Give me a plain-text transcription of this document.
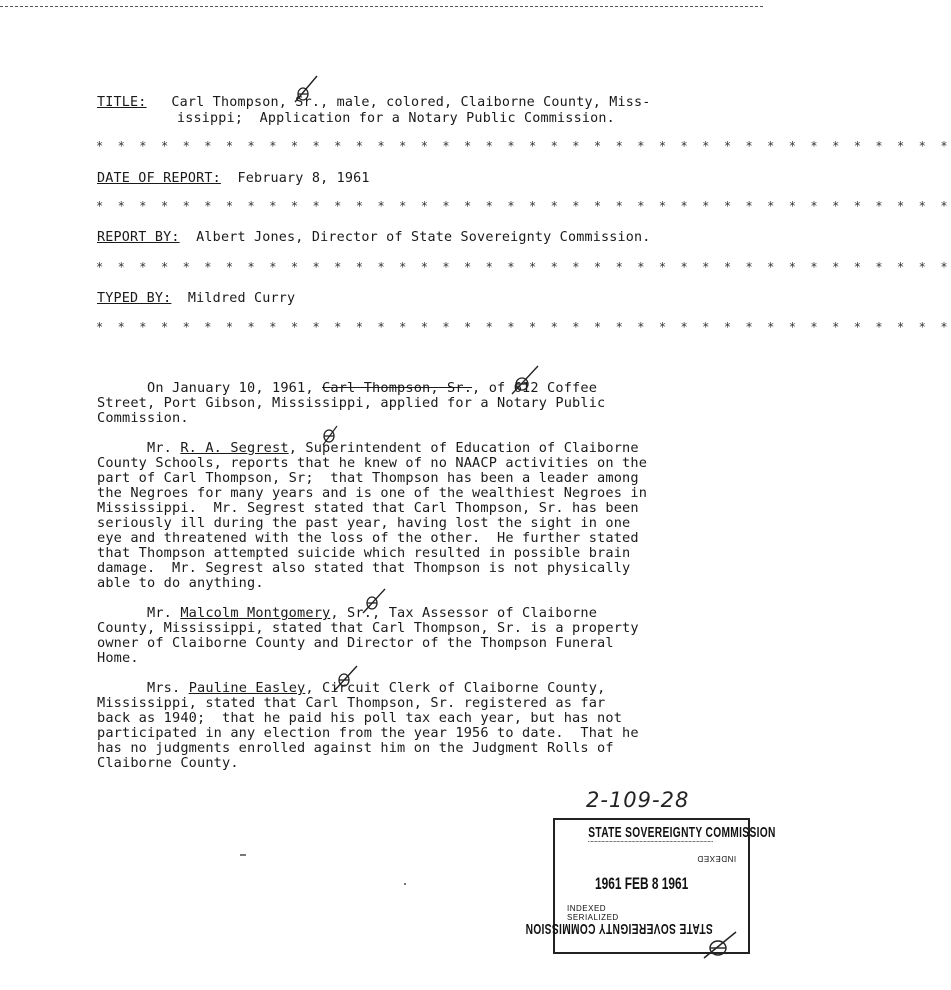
TITLE: Carl Thompson, Sr., male, colored, Claiborne County, Miss-
issippi;  Application for a Notary Public Commission.
* * * * * * * * * * * * * * * * * * * * * * * * * * * * * * * * * * * * * * * *
DATE OF REPORT: February 8, 1961
* * * * * * * * * * * * * * * * * * * * * * * * * * * * * * * * * * * * * * * *
REPORT BY: Albert Jones, Director of State Sovereignty Commission.
* * * * * * * * * * * * * * * * * * * * * * * * * * * * * * * * * * * * * * * *
TYPED BY: Mildred Curry
* * * * * * * * * * * * * * * * * * * * * * * * * * * * * * * * * * * * * * * *
On January 10, 1961, Carl Thompson, Sr., of 612 Coffee
Street, Port Gibson, Mississippi, applied for a Notary Public
Commission.
Mr. R. A. Segrest, Superintendent of Education of Claiborne
County Schools, reports that he knew of no NAACP activities on the
part of Carl Thompson, Sr;  that Thompson has been a leader among
the Negroes for many years and is one of the wealthiest Negroes in
Mississippi.  Mr. Segrest stated that Carl Thompson, Sr. has been
seriously ill during the past year, having lost the sight in one
eye and threatened with the loss of the other.  He further stated
that Thompson attempted suicide which resulted in possible brain
damage.  Mr. Segrest also stated that Thompson is not physically
able to do anything.
Mr. Malcolm Montgomery, Sr., Tax Assessor of Claiborne
County, Mississippi, stated that Carl Thompson, Sr. is a property
owner of Claiborne County and Director of the Thompson Funeral
Home.
Mrs. Pauline Easley, Circuit Clerk of Claiborne County,
Mississippi, stated that Carl Thompson, Sr. registered as far
back as 1940;  that he paid his poll tax each year, but has not
participated in any election from the year 1956 to date.  That he
has no judgments enrolled against him on the Judgment Rolls of
Claiborne County.
2-109-28
STATE SOVEREIGNTY COMMISSION
INDEXED
1961 FEB 8 1961
INDEXED
SERIALIZED
STATE SOVEREIGNTY COMMISSION
